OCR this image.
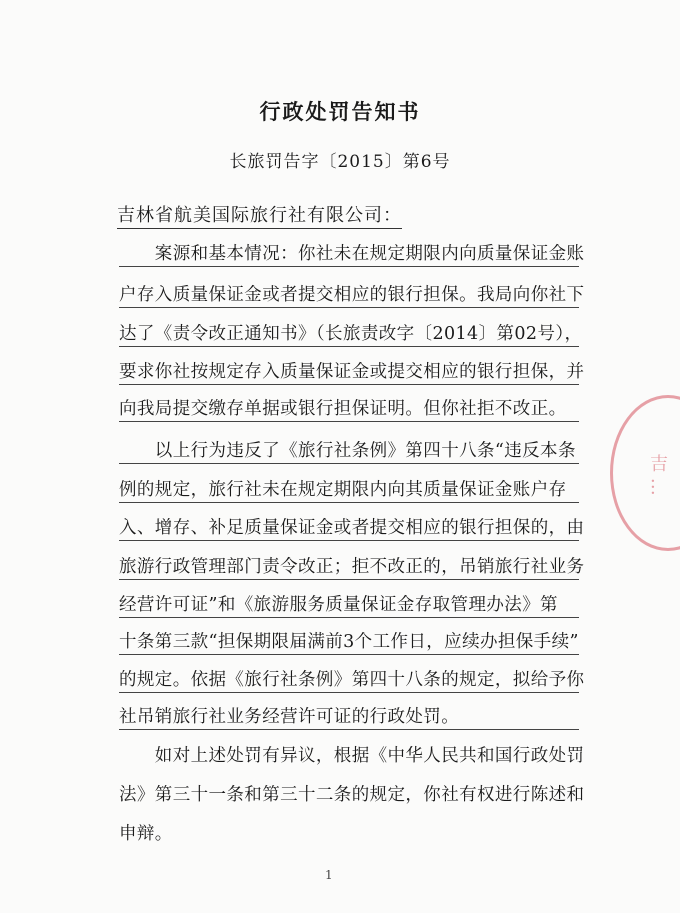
行政处罚告知书
长旅罚告字〔2015〕第6号
吉林省航美国际旅行社有限公司：
　　案源和基本情况：你社未在规定期限内向质量保证金账
户存入质量保证金或者提交相应的银行担保。我局向你社下
达了《责令改正通知书》（长旅责改字〔2014〕第02号），
要求你社按规定存入质量保证金或提交相应的银行担保，并
向我局提交缴存单据或银行担保证明。但你社拒不改正。
　　以上行为违反了《旅行社条例》第四十八条“违反本条
例的规定，旅行社未在规定期限内向其质量保证金账户存
入、增存、补足质量保证金或者提交相应的银行担保的，由
旅游行政管理部门责令改正；拒不改正的，吊销旅行社业务
经营许可证”和《旅游服务质量保证金存取管理办法》第
十条第三款“担保期限届满前3个工作日，应续办担保手续”
的规定。依据《旅行社条例》第四十八条的规定，拟给予你
社吊销旅行社业务经营许可证的行政处罚。
　　如对上述处罚有异议，根据《中华人民共和国行政处罚
法》第三十一条和第三十二条的规定，你社有权进行陈述和
申辩。
1
吉 …
